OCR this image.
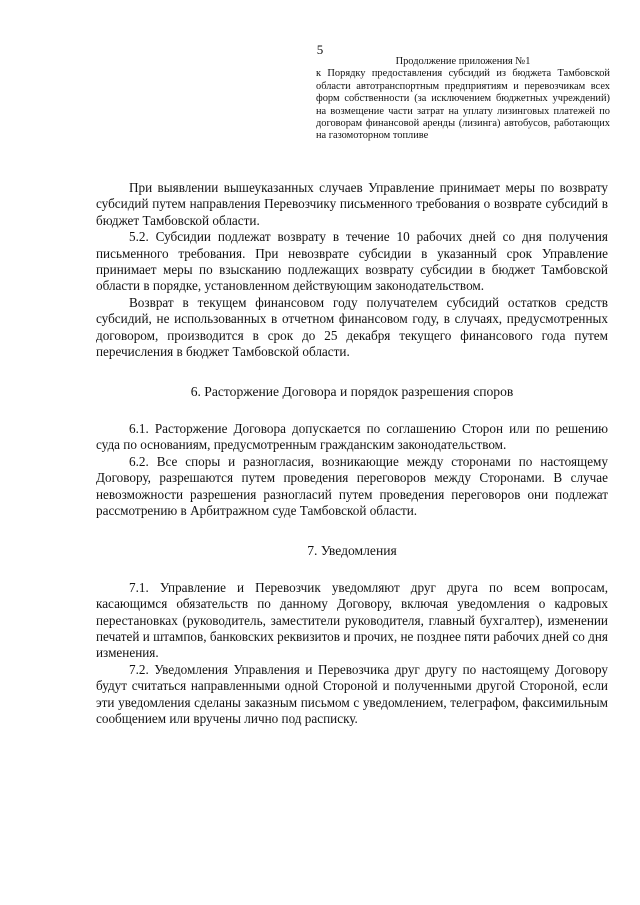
5

Продолжение приложения №1

к Порядку предоставления субсидий из бюджета Тамбовской области автотранспортным предприятиям и перевозчикам всех форм собственности (за исключением бюджетных учреждений) на возмещение части затрат на уплату лизинговых платежей по договорам финансовой аренды (лизинга) автобусов, работающих на газомоторном топливе

При выявлении вышеуказанных случаев Управление принимает меры по возврату субсидий путем направления Перевозчику письменного требования о возврате субсидий в бюджет Тамбовской области.

5.2. Субсидии подлежат возврату в течение 10 рабочих дней со дня получения письменного требования. При невозврате субсидии в указанный срок Управление принимает меры по взысканию подлежащих возврату субсидии в бюджет Тамбовской области в порядке, установленном действующим законодательством.

Возврат в текущем финансовом году получателем субсидий остатков средств субсидий, не использованных в отчетном финансовом году, в случаях, предусмотренных договором, производится в срок до 25 декабря текущего финансового года путем перечисления в бюджет Тамбовской области.

6. Расторжение Договора и порядок разрешения споров

6.1. Расторжение Договора допускается по соглашению Сторон или по решению суда по основаниям, предусмотренным гражданским законодательством.

6.2. Все споры и разногласия, возникающие между сторонами по настоящему Договору, разрешаются путем проведения переговоров между Сторонами. В случае невозможности разрешения разногласий путем проведения переговоров они подлежат рассмотрению в Арбитражном суде Тамбовской области.

7. Уведомления

7.1. Управление и Перевозчик уведомляют друг друга по всем вопросам, касающимся обязательств по данному Договору, включая уведомления о кадровых перестановках (руководитель, заместители руководителя, главный бухгалтер), изменении печатей и штампов, банковских реквизитов и прочих, не позднее пяти рабочих дней со дня изменения.

7.2. Уведомления Управления и Перевозчика друг другу по настоящему Договору будут считаться направленными одной Стороной и полученными другой Стороной, если эти уведомления сделаны заказным письмом с уведомлением, телеграфом, факсимильным сообщением или вручены лично под расписку.
